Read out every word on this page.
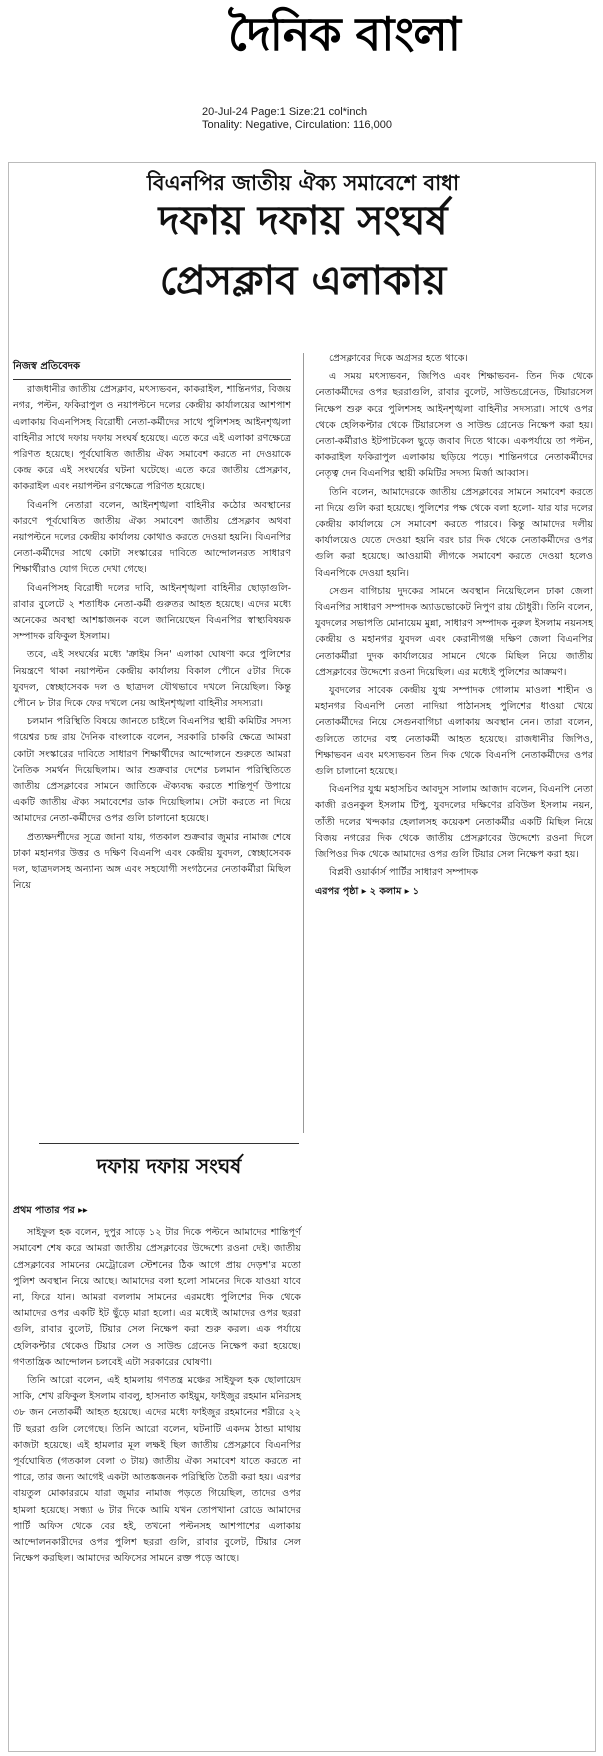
দৈনিক বাংলা
20-Jul-24 Page:1 Size:21 col*inch
Tonality: Negative, Circulation: 116,000
বিএনপির জাতীয় ঐক্য সমাবেশে বাধা
দফায় দফায় সংঘর্ষ
প্রেসক্লাব এলাকায়

নিজস্ব প্রতিবেদক

রাজধানীর জাতীয় প্রেসক্লাব, মৎস্যভবন, কাকরাইল, শান্তিনগর, বিজয় নগর, পল্টন, ফকিরাপুল ও নয়াপল্টনে দলের কেন্দ্রীয় কার্যালয়ের আশপাশ এলাকায় বিএনপিসহ বিরোধী নেতা-কর্মীদের সাথে পুলিশসহ আইনশৃঙ্খলা বাহিনীর সাথে দফায় দফায় সংঘর্ষ হয়েছে। এতে করে এই এলাকা রণক্ষেত্রে পরিণত হয়েছে। পূর্বঘোষিত জাতীয় ঐক্য সমাবেশ করতে না দেওয়াকে কেন্দ্র করে এই সংঘর্ষের ঘটনা ঘটেছে। এতে করে জাতীয় প্রেসক্লাব, কাকরাইল এবং নয়াপল্টন রণক্ষেত্রে পরিণত হয়েছে।

বিএনপি নেতারা বলেন, আইনশৃঙ্খলা বাহিনীর কঠোর অবস্থানের কারণে পূর্বঘোষিত জাতীয় ঐক্য সমাবেশ জাতীয় প্রেসক্লাব অথবা নয়াপল্টনে দলের কেন্দ্রীয় কার্যালয় কোথাও করতে দেওয়া হয়নি। বিএনপির নেতা-কর্মীদের সাথে কোটা সংস্কারের দাবিতে আন্দোলনরত সাধারণ শিক্ষার্থীরাও যোগ দিতে দেখা গেছে।

বিএনপিসহ বিরোধী দলের দাবি, আইনশৃঙ্খলা বাহিনীর ছোড়াগুলি-রাবার বুলেটে ২ শতাধিক নেতা-কর্মী গুরুতর আহত হয়েছে। এদের মধ্যে অনেকের অবস্থা আশঙ্কাজনক বলে জানিয়েছেন বিএনপির স্বাস্থ্যবিষয়ক সম্পাদক রফিকুল ইসলাম।

তবে, এই সংঘর্ষের মধ্যে 'ক্রাইম সিন' এলাকা ঘোষণা করে পুলিশের নিয়ন্ত্রণে থাকা নয়াপল্টন কেন্দ্রীয় কার্যালয় বিকাল পৌনে ৫টার দিকে যুবদল, স্বেচ্ছাসেবক দল ও ছাত্রদল যৌথভাবে দখলে নিয়েছিল। কিন্তু পৌনে ৮ টার দিকে ফের দখলে নেয় আইনশৃঙ্খলা বাহিনীর সদস্যরা।

চলমান পরিস্থিতি বিষয়ে জানতে চাইলে বিএনপির স্থায়ী কমিটির সদস্য গয়েশ্বর চন্দ্র রায় দৈনিক বাংলাকে বলেন, সরকারি চাকরি ক্ষেত্রে আমরা কোটা সংস্কারের দাবিতে সাধারণ শিক্ষার্থীদের আন্দোলনে শুরুতে আমরা নৈতিক সমর্থন দিয়েছিলাম। আর শুক্রবার দেশের চলমান পরিস্থিতিতে জাতীয় প্রেসক্লাবের সামনে জাতিকে ঐক্যবদ্ধ করতে শান্তিপূর্ণ উপায়ে একটি জাতীয় ঐক্য সমাবেশের ডাক দিয়েছিলাম। সেটা করতে না দিয়ে আমাদের নেতা-কর্মীদের ওপর গুলি চালানো হয়েছে।

প্রত্যক্ষদর্শীদের সূত্রে জানা যায়, গতকাল শুক্রবার জুমার নামাজ শেষে ঢাকা মহানগর উত্তর ও দক্ষিণ বিএনপি এবং কেন্দ্রীয় যুবদল, স্বেচ্ছাসেবক দল, ছাত্রদলসহ অন্যান্য অঙ্গ এবং সহযোগী সংগঠনের নেতাকর্মীরা মিছিল নিয়ে

প্রেসক্লাবের দিকে অগ্রসর হতে থাকে।

এ সময় মৎস্যভবন, জিপিও এবং শিক্ষাভবন- তিন দিক থেকে নেতাকর্মীদের ওপর ছররাগুলি, রাবার বুলেট, সাউন্ডগ্রেনেড, টিয়ারসেল নিক্ষেপ শুরু করে পুলিশসহ আইনশৃঙ্খলা বাহিনীর সদস্যরা। সাথে ওপর থেকে হেলিকপ্টার থেকে টিয়ারসেল ও সাউন্ড গ্রেনেড নিক্ষেপ করা হয়। নেতা-কর্মীরাও ইটপাটকেল ছুড়ে জবাব দিতে থাকে। একপর্যায়ে তা পল্টন, কাকরাইল ফকিরাপুল এলাকায় ছড়িয়ে পড়ে। শান্তিনগরে নেতাকর্মীদের নেতৃত্ব দেন বিএনপির স্থায়ী কমিটির সদস্য মির্জা আব্বাস।

তিনি বলেন, আমাদেরকে জাতীয় প্রেসক্লাবের সামনে সমাবেশ করতে না দিয়ে গুলি করা হয়েছে। পুলিশের পক্ষ থেকে বলা হলো- যার যার দলের কেন্দ্রীয় কার্যালয়ে সে সমাবেশ করতে পারবে। কিন্তু আমাদের দলীয় কার্যালয়েও যেতে দেওয়া হয়নি বরং চার দিক থেকে নেতাকর্মীদের ওপর গুলি করা হয়েছে। আওয়ামী লীগকে সমাবেশ করতে দেওয়া হলেও বিএনপিকে দেওয়া হয়নি।

সেগুন বাগিচায় দুদকের সামনে অবস্থান নিয়েছিলেন ঢাকা জেলা বিএনপির সাধারণ সম্পাদক অ্যাডভোকেট নিপুণ রায় চৌধুরী। তিনি বলেন, যুবদলের সভাপতি মোনায়েম মুন্না, সাধারণ সম্পাদক নুরুল ইসলাম নয়নসহ কেন্দ্রীয় ও মহানগর যুবদল এবং কেরানীগঞ্জ দক্ষিণ জেলা বিএনপির নেতাকর্মীরা দুদক কার্যালয়ের সামনে থেকে মিছিল নিয়ে জাতীয় প্রেসক্লাবের উদ্দেশ্যে রওনা দিয়েছিল। এর মধ্যেই পুলিশের আক্রমণ।

যুবদলের সাবেক কেন্দ্রীয় যুগ্ম সম্পাদক গোলাম মাওলা শাহীন ও মহানগর বিএনপি নেতা নাদিয়া পাঠানসহ পুলিশের ধাওয়া খেয়ে নেতাকর্মীদের নিয়ে সেগুনবাগিচা এলাকায় অবস্থান নেন। তারা বলেন, গুলিতে তাদের বহু নেতাকর্মী আহত হয়েছে। রাজধানীর জিপিও, শিক্ষাভবন এবং মৎস্যভবন তিন দিক থেকে বিএনপি নেতাকর্মীদের ওপর গুলি চালানো হয়েছে।

বিএনপির যুগ্ম মহাসচিব আবদুস সালাম আজাদ বলেন, বিএনপি নেতা কাজী রওনকুল ইসলাম টিপু, যুবদলের দক্ষিণের রবিউল ইসলাম নয়ন, তাঁতী দলের খন্দকার হেলালসহ কয়েকশ নেতাকর্মীর একটি মিছিল নিয়ে বিজয় নগরের দিক থেকে জাতীয় প্রেসক্লাবের উদ্দেশ্যে রওনা দিলে জিপিওর দিক থেকে আমাদের ওপর গুলি টিয়ার সেল নিক্ষেপ করা হয়।

বিপ্লবী ওয়ার্কার্স পার্টির সাধারণ সম্পাদক

এরপর পৃষ্ঠা ▸ ২ কলাম ▸ ১

দফায় দফায় সংঘর্ষ

প্রথম পাতার পর ▸▸

সাইফুল হক বলেন, দুপুর সাড়ে ১২ টার দিকে পল্টনে আমাদের শান্তিপূর্ণ সমাবেশ শেষ করে আমরা জাতীয় প্রেসক্লাবের উদ্দেশ্যে রওনা দেই। জাতীয় প্রেসক্লাবের সামনের মেট্রোরেল স্টেশনের ঠিক আগে প্রায় দেড়শ'র মতো পুলিশ অবস্থান নিয়ে আছে। আমাদের বলা হলো সামনের দিকে যাওয়া যাবে না, ফিরে যান। আমরা বললাম সামনের এরমধ্যে পুলিশের দিক থেকে আমাদের ওপর একটি ইট ছুঁড়ে মারা হলো। এর মধ্যেই আমাদের ওপর ছররা গুলি, রাবার বুলেট, টিয়ার সেল নিক্ষেপ করা শুরু করল। এক পর্যায়ে হেলিকপ্টার থেকেও টিয়ার সেল ও সাউন্ড গ্রেনেড নিক্ষেপ করা হয়েছে। গণতান্ত্রিক আন্দোলন চলবেই এটা সরকারের ঘোষণা।

তিনি আরো বলেন, এই হামলায় গণতন্ত্র মঞ্চের সাইফুল হক ছোলায়েদ সাকি, শেখ রফিকুল ইসলাম বাবলু, হাসনাত কাইয়ুম, ফাইজুর রহমান মনিরসহ ৩৮ জন নেতাকর্মী আহত হয়েছে। এদের মধ্যে ফাইজুর রহমানের শরীরে ২২ টি ছররা গুলি লেগেছে। তিনি আরো বলেন, ঘটনাটি একদম ঠান্ডা মাথায় কাজটা হয়েছে। এই হামলার মূল লক্ষই ছিল জাতীয় প্রেসক্লাবে বিএনপির পূর্বঘোষিত (গতকাল বেলা ৩ টায়) জাতীয় ঐক্য সমাবেশ যাতে করতে না পারে, তার জন্য আগেই একটা আতঙ্কজনক পরিস্থিতি তৈরী করা হয়। এরপর বায়তুল মোকাররমে যারা জুমার নামাজ পড়তে গিয়েছিল, তাদের ওপর হামলা হয়েছে। সন্ধ্যা ৬ টার দিকে আমি যখন তোপখানা রোডে আমাদের পার্টি অফিস থেকে বের হই, তখনো পল্টনসহ আশপাশের এলাকায় আন্দোলনকারীদের ওপর পুলিশ ছররা গুলি, রাবার বুলেট, টিয়ার সেল নিক্ষেপ করছিল। আমাদের অফিসের সামনে রক্ত পড়ে আছে।
